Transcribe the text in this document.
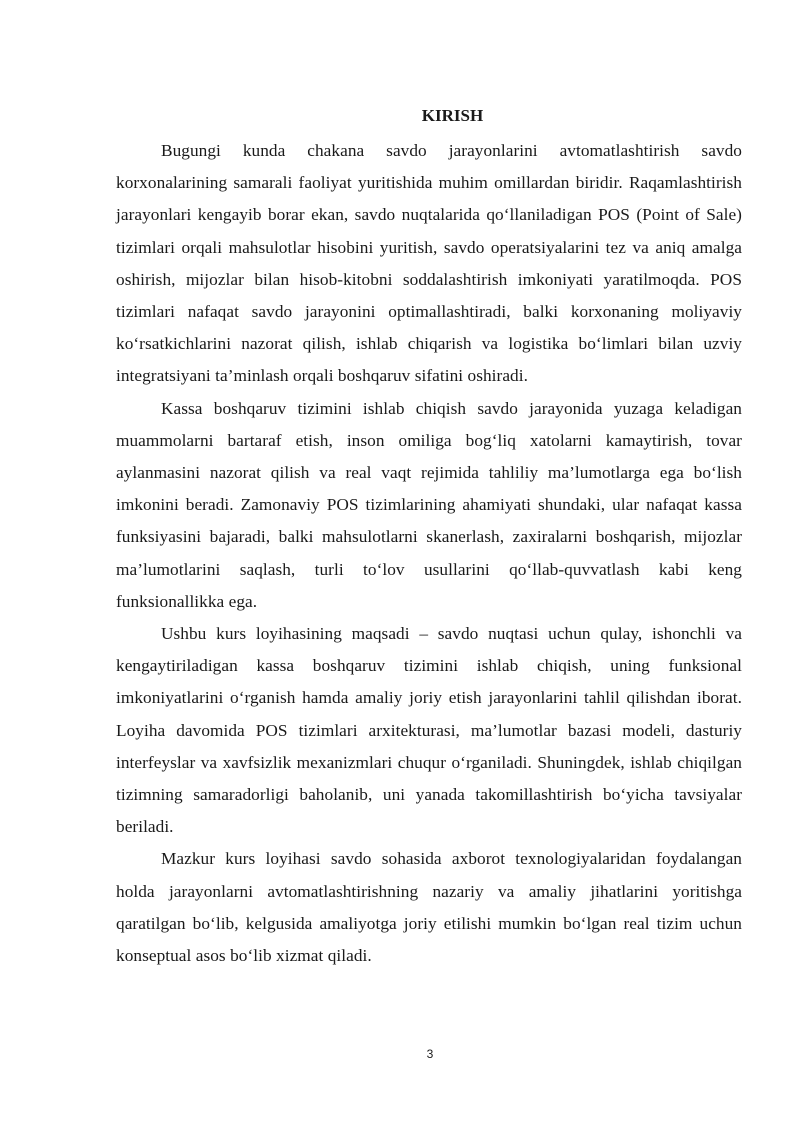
KIRISH

Bugungi kunda chakana savdo jarayonlarini avtomatlashtirish savdo korxonalarining samarali faoliyat yuritishida muhim omillardan biridir. Raqamlashtirish jarayonlari kengayib borar ekan, savdo nuqtalarida qo‘llaniladigan POS (Point of Sale) tizimlari orqali mahsulotlar hisobini yuritish, savdo operatsiyalarini tez va aniq amalga oshirish, mijozlar bilan hisob-kitobni soddalashtirish imkoniyati yaratilmoqda. POS tizimlari nafaqat savdo jarayonini optimallashtiradi, balki korxonaning moliyaviy ko‘rsatkichlarini nazorat qilish, ishlab chiqarish va logistika bo‘limlari bilan uzviy integratsiyani ta’minlash orqali boshqaruv sifatini oshiradi.

Kassa boshqaruv tizimini ishlab chiqish savdo jarayonida yuzaga keladigan muammolarni bartaraf etish, inson omiliga bog‘liq xatolarni kamaytirish, tovar aylanmasini nazorat qilish va real vaqt rejimida tahliliy ma’lumotlarga ega bo‘lish imkonini beradi. Zamonaviy POS tizimlarining ahamiyati shundaki, ular nafaqat kassa funksiyasini bajaradi, balki mahsulotlarni skanerlash, zaxiralarni boshqarish, mijozlar ma’lumotlarini saqlash, turli to‘lov usullarini qo‘llab-quvvatlash kabi keng funksionallikka ega.

Ushbu kurs loyihasining maqsadi – savdo nuqtasi uchun qulay, ishonchli va kengaytiriladigan kassa boshqaruv tizimini ishlab chiqish, uning funksional imkoniyatlarini o‘rganish hamda amaliy joriy etish jarayonlarini tahlil qilishdan iborat. Loyiha davomida POS tizimlari arxitekturasi, ma’lumotlar bazasi modeli, dasturiy interfeyslar va xavfsizlik mexanizmlari chuqur o‘rganiladi. Shuningdek, ishlab chiqilgan tizimning samaradorligi baholanib, uni yanada takomillashtirish bo‘yicha tavsiyalar beriladi.

Mazkur kurs loyihasi savdo sohasida axborot texnologiyalaridan foydalangan holda jarayonlarni avtomatlashtirishning nazariy va amaliy jihatlarini yoritishga qaratilgan bo‘lib, kelgusida amaliyotga joriy etilishi mumkin bo‘lgan real tizim uchun konseptual asos bo‘lib xizmat qiladi.

3
